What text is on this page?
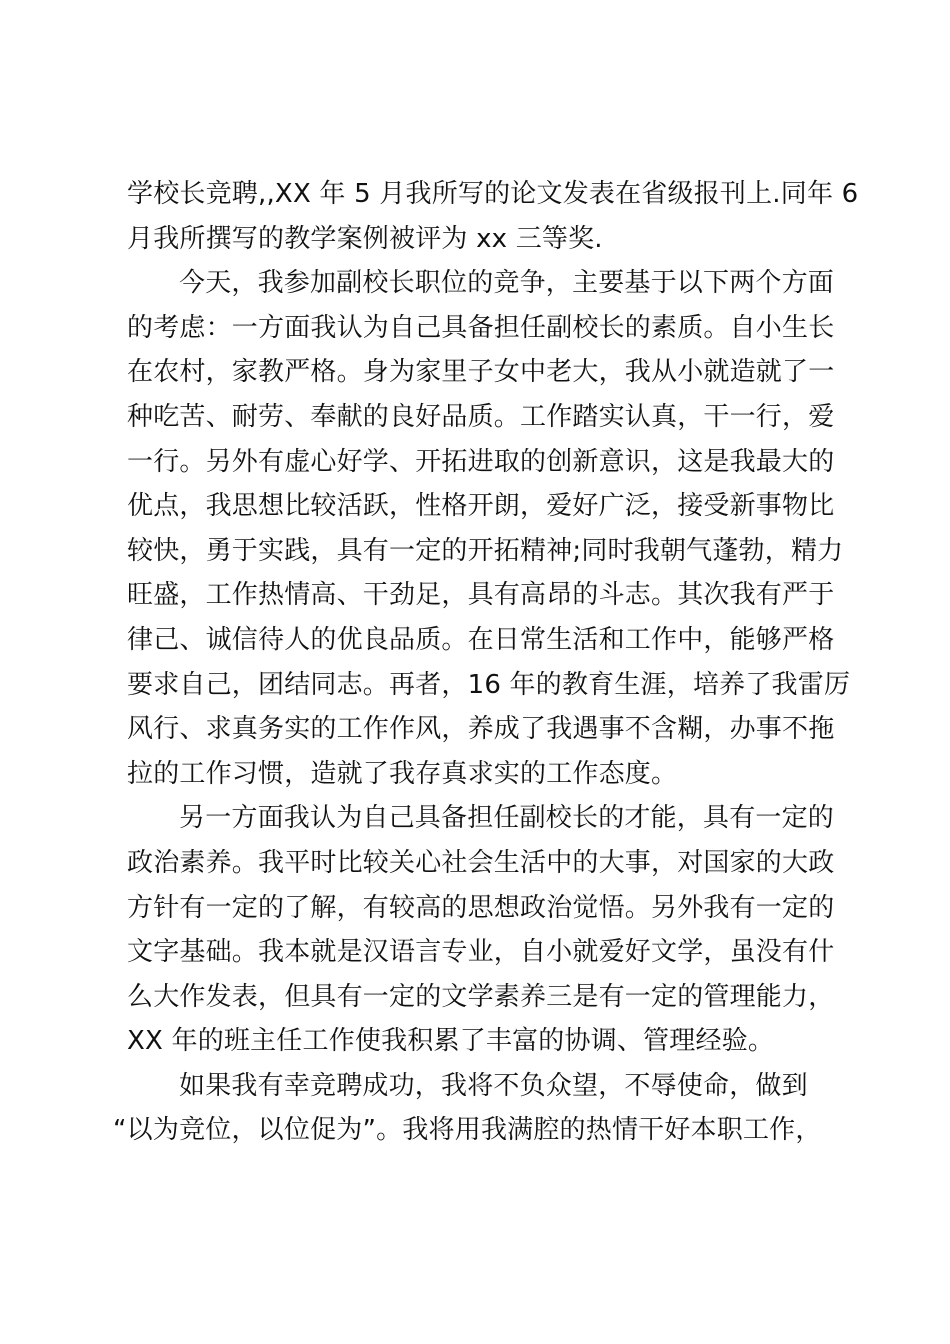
学校长竞聘,,XX 年 5 月我所写的论文发表在省级报刊上.同年 6
月我所撰写的教学案例被评为 xx 三等奖.
今天，我参加副校长职位的竞争，主要基于以下两个方面
的考虑：一方面我认为自己具备担任副校长的素质。自小生长
在农村，家教严格。身为家里子女中老大，我从小就造就了一
种吃苦、耐劳、奉献的良好品质。工作踏实认真，干一行，爱
一行。另外有虚心好学、开拓进取的创新意识，这是我最大的
优点，我思想比较活跃，性格开朗，爱好广泛，接受新事物比
较快，勇于实践，具有一定的开拓精神;同时我朝气蓬勃，精力
旺盛，工作热情高、干劲足，具有高昂的斗志。其次我有严于
律己、诚信待人的优良品质。在日常生活和工作中，能够严格
要求自己，团结同志。再者，16 年的教育生涯，培养了我雷厉
风行、求真务实的工作作风，养成了我遇事不含糊，办事不拖
拉的工作习惯，造就了我存真求实的工作态度。
另一方面我认为自己具备担任副校长的才能，具有一定的
政治素养。我平时比较关心社会生活中的大事，对国家的大政
方针有一定的了解，有较高的思想政治觉悟。另外我有一定的
文字基础。我本就是汉语言专业，自小就爱好文学，虽没有什
么大作发表，但具有一定的文学素养三是有一定的管理能力，
XX 年的班主任工作使我积累了丰富的协调、管理经验。
如果我有幸竞聘成功，我将不负众望，不辱使命，做到
“以为竞位，以位促为”。我将用我满腔的热情干好本职工作，
